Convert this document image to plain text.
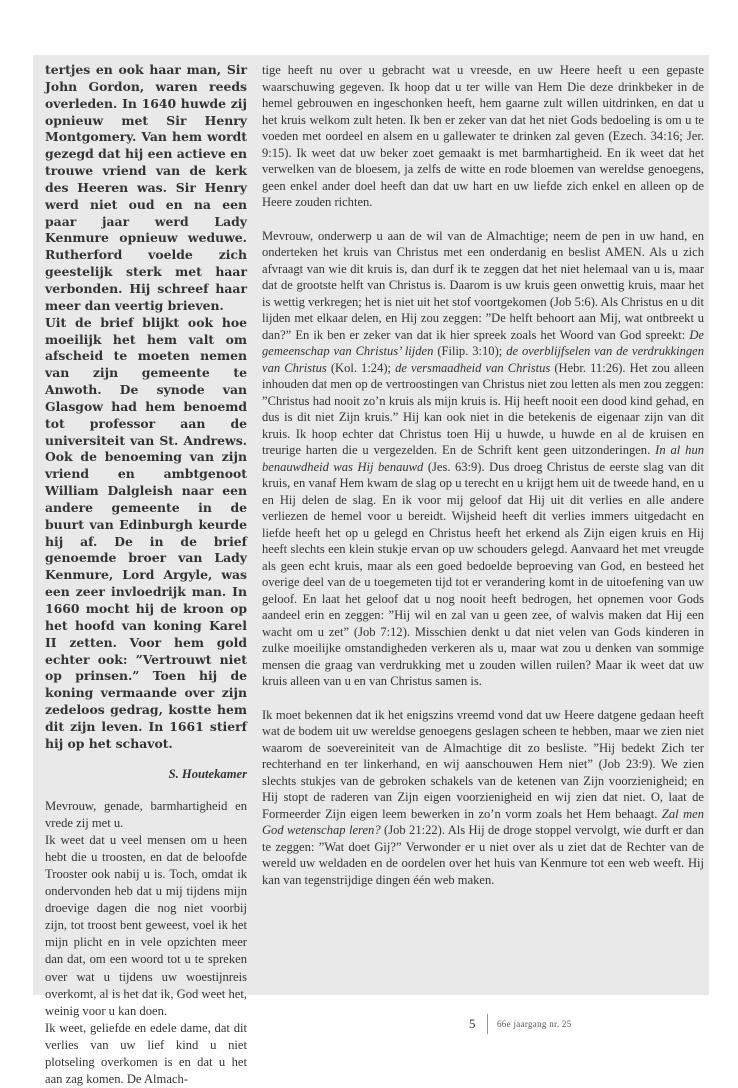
tertjes en ook haar man, Sir John Gordon, waren reeds overleden. In 1640 huwde zij opnieuw met Sir Henry Montgomery. Van hem wordt gezegd dat hij een actieve en trouwe vriend van de kerk des Heeren was. Sir Henry werd niet oud en na een paar jaar werd Lady Kenmure opnieuw weduwe. Rutherford voelde zich geestelijk sterk met haar verbonden. Hij schreef haar meer dan veertig brieven.

Uit de brief blijkt ook hoe moeilijk het hem valt om afscheid te moeten nemen van zijn gemeente te Anwoth. De synode van Glasgow had hem benoemd tot professor aan de universiteit van St. Andrews. Ook de benoeming van zijn vriend en ambtgenoot William Dalgleish naar een andere gemeente in de buurt van Edinburgh keurde hij af. De in de brief genoemde broer van Lady Kenmure, Lord Argyle, was een zeer invloedrijk man. In 1660 mocht hij de kroon op het hoofd van koning Karel II zetten. Voor hem gold echter ook: ”Vertrouwt niet op prinsen.” Toen hij de koning vermaande over zijn zedeloos gedrag, kostte hem dit zijn leven. In 1661 stierf hij op het schavot.

S. Houtekamer

Mevrouw, genade, barmhartigheid en vrede zij met u.

Ik weet dat u veel mensen om u heen hebt die u troosten, en dat de beloofde Trooster ook nabij u is. Toch, omdat ik ondervonden heb dat u mij tijdens mijn droevige dagen die nog niet voorbij zijn, tot troost bent geweest, voel ik het mijn plicht en in vele opzichten meer dan dat, om een woord tot u te spreken over wat u tijdens uw woestijnreis overkomt, al is het dat ik, God weet het, weinig voor u kan doen.

Ik weet, geliefde en edele dame, dat dit verlies van uw lief kind u niet plotseling overkomen is en dat u het aan zag komen. De Almach-

tige heeft nu over u gebracht wat u vreesde, en uw Heere heeft u een gepaste waarschuwing gegeven. Ik hoop dat u ter wille van Hem Die deze drinkbeker in de hemel gebrouwen en ingeschonken heeft, hem gaarne zult willen uitdrinken, en dat u het kruis welkom zult heten. Ik ben er zeker van dat het niet Gods bedoeling is om u te voeden met oordeel en alsem en u gallewater te drinken zal geven (Ezech. 34:16; Jer. 9:15). Ik weet dat uw beker zoet gemaakt is met barmhartigheid. En ik weet dat het verwelken van de bloesem, ja zelfs de witte en rode bloemen van wereldse genoegens, geen enkel ander doel heeft dan dat uw hart en uw liefde zich enkel en alleen op de Heere zouden richten.

Mevrouw, onderwerp u aan de wil van de Almachtige; neem de pen in uw hand, en onderteken het kruis van Christus met een onderdanig en beslist AMEN. Als u zich afvraagt van wie dit kruis is, dan durf ik te zeggen dat het niet helemaal van u is, maar dat de grootste helft van Christus is. Daarom is uw kruis geen onwettig kruis, maar het is wettig verkregen; het is niet uit het stof voortgekomen (Job 5:6). Als Christus en u dit lijden met elkaar delen, en Hij zou zeggen: ”De helft behoort aan Mij, wat ontbreekt u dan?” En ik ben er zeker van dat ik hier spreek zoals het Woord van God spreekt: De gemeenschap van Christus’ lijden (Filip. 3:10); de overblijfselen van de verdrukkingen van Christus (Kol. 1:24); de versmaadheid van Christus (Hebr. 11:26). Het zou alleen inhouden dat men op de vertroostingen van Christus niet zou letten als men zou zeggen: ”Christus had nooit zo’n kruis als mijn kruis is. Hij heeft nooit een dood kind gehad, en dus is dit niet Zijn kruis.” Hij kan ook niet in die betekenis de eigenaar zijn van dit kruis. Ik hoop echter dat Christus toen Hij u huwde, u huwde en al de kruisen en treurige harten die u vergezelden. En de Schrift kent geen uitzonderingen. In al hun benauwdheid was Hij benauwd (Jes. 63:9). Dus droeg Christus de eerste slag van dit kruis, en vanaf Hem kwam de slag op u terecht en u krijgt hem uit de tweede hand, en u en Hij delen de slag. En ik voor mij geloof dat Hij uit dit verlies en alle andere verliezen de hemel voor u bereidt. Wijsheid heeft dit verlies immers uitgedacht en liefde heeft het op u gelegd en Christus heeft het erkend als Zijn eigen kruis en Hij heeft slechts een klein stukje ervan op uw schouders gelegd. Aanvaard het met vreugde als geen echt kruis, maar als een goed bedoelde beproeving van God, en besteed het overige deel van de u toegemeten tijd tot er verandering komt in de uitoefening van uw geloof. En laat het geloof dat u nog nooit heeft bedrogen, het opnemen voor Gods aandeel erin en zeggen: ”Hij wil en zal van u geen zee, of walvis maken dat Hij een wacht om u zet” (Job 7:12). Misschien denkt u dat niet velen van Gods kinderen in zulke moeilijke omstandigheden verkeren als u, maar wat zou u denken van sommige mensen die graag van verdrukking met u zouden willen ruilen? Maar ik weet dat uw kruis alleen van u en van Christus samen is.

Ik moet bekennen dat ik het enigszins vreemd vond dat uw Heere datgene gedaan heeft wat de bodem uit uw wereldse genoegens geslagen scheen te hebben, maar we zien niet waarom de soevereiniteit van de Almachtige dit zo besliste. ”Hij bedekt Zich ter rechterhand en ter linkerhand, en wij aanschouwen Hem niet” (Job 23:9). We zien slechts stukjes van de gebroken schakels van de ketenen van Zijn voorzienigheid; en Hij stopt de raderen van Zijn eigen voorzienigheid en wij zien dat niet. O, laat de Formeerder Zijn eigen leem bewerken in zo’n vorm zoals het Hem behaagt. Zal men God wetenschap leren? (Job 21:22). Als Hij de droge stoppel vervolgt, wie durft er dan te zeggen: ”Wat doet Gij?” Verwonder er u niet over als u ziet dat de Rechter van de wereld uw weldaden en de oordelen over het huis van Kenmure tot een web weeft. Hij kan van tegenstrijdige dingen één web maken.

5 66e jaargang nr. 25
